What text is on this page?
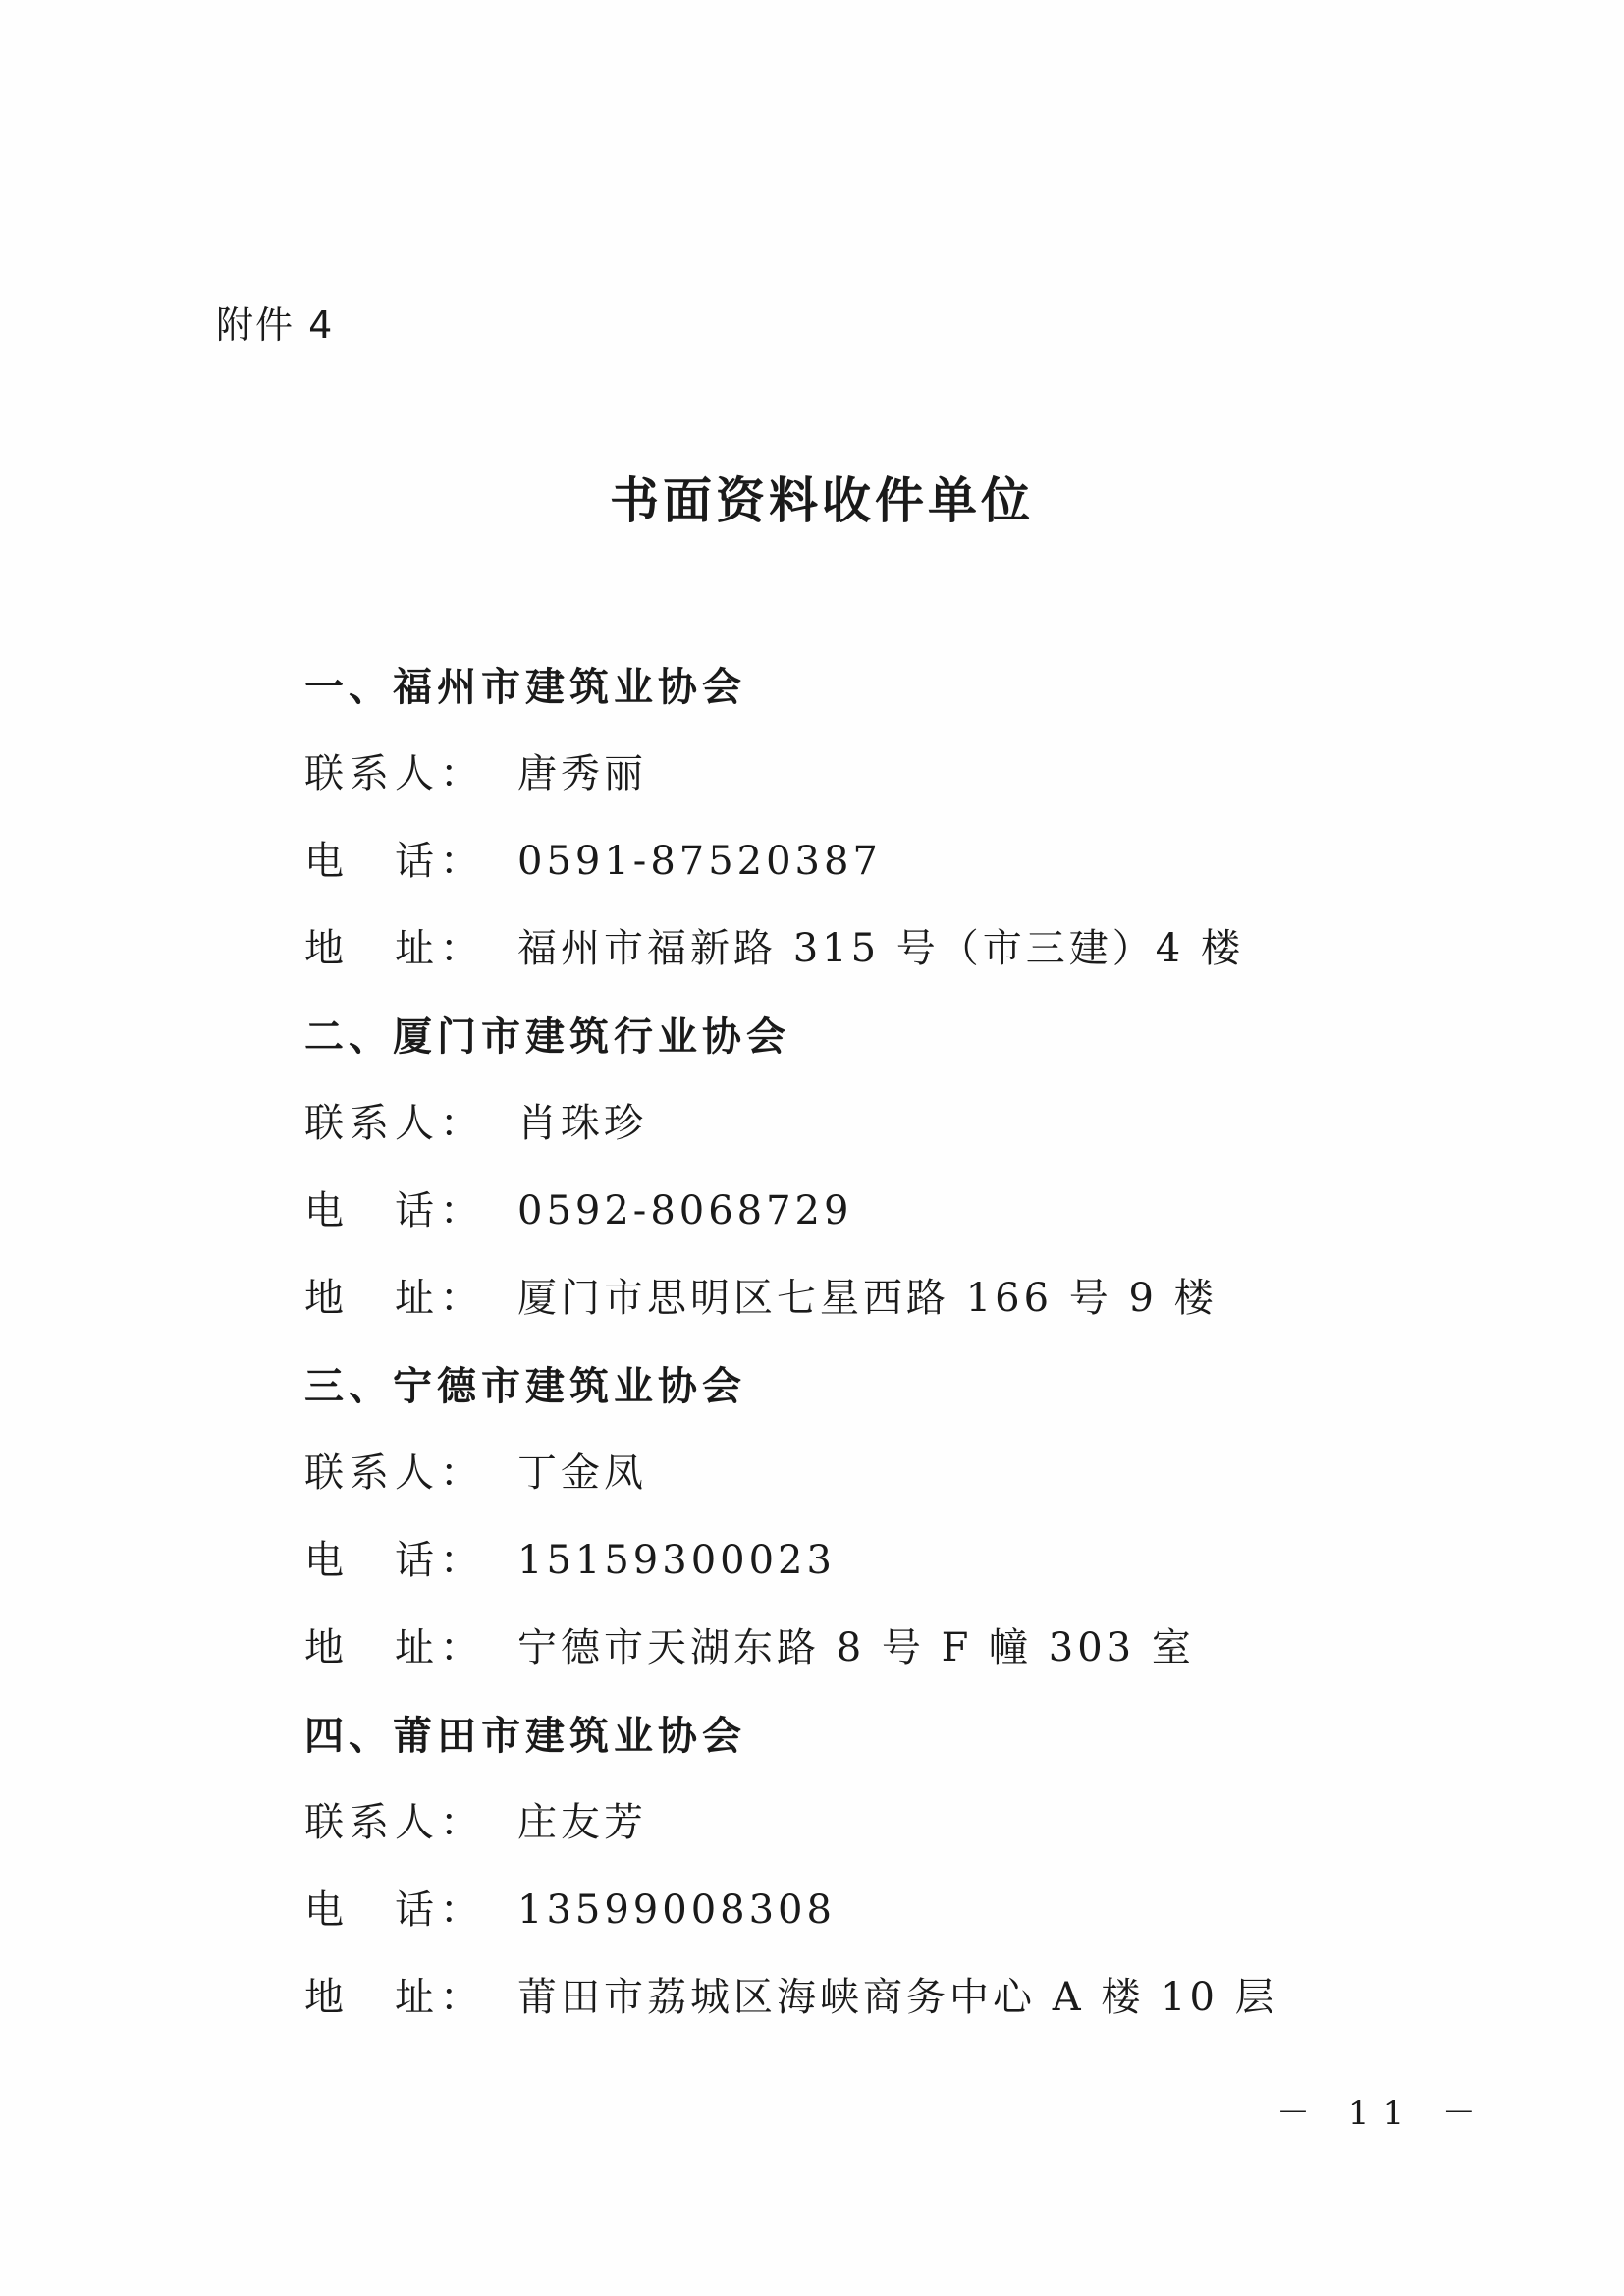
附件 4
书面资料收件单位
一、福州市建筑业协会
联系人： 唐秀丽
电　话： 0591-87520387
地　址： 福州市福新路 315 号（市三建）4 楼
二、厦门市建筑行业协会
联系人： 肖珠珍
电　话： 0592-8068729
地　址： 厦门市思明区七星西路 166 号 9 楼
三、宁德市建筑业协会
联系人： 丁金凤
电　话： 15159300023
地　址： 宁德市天湖东路 8 号 F 幢 303 室
四、莆田市建筑业协会
联系人： 庄友芳
电　话： 13599008308
地　址： 莆田市荔城区海峡商务中心 A 楼 10 层
－ 11 －
